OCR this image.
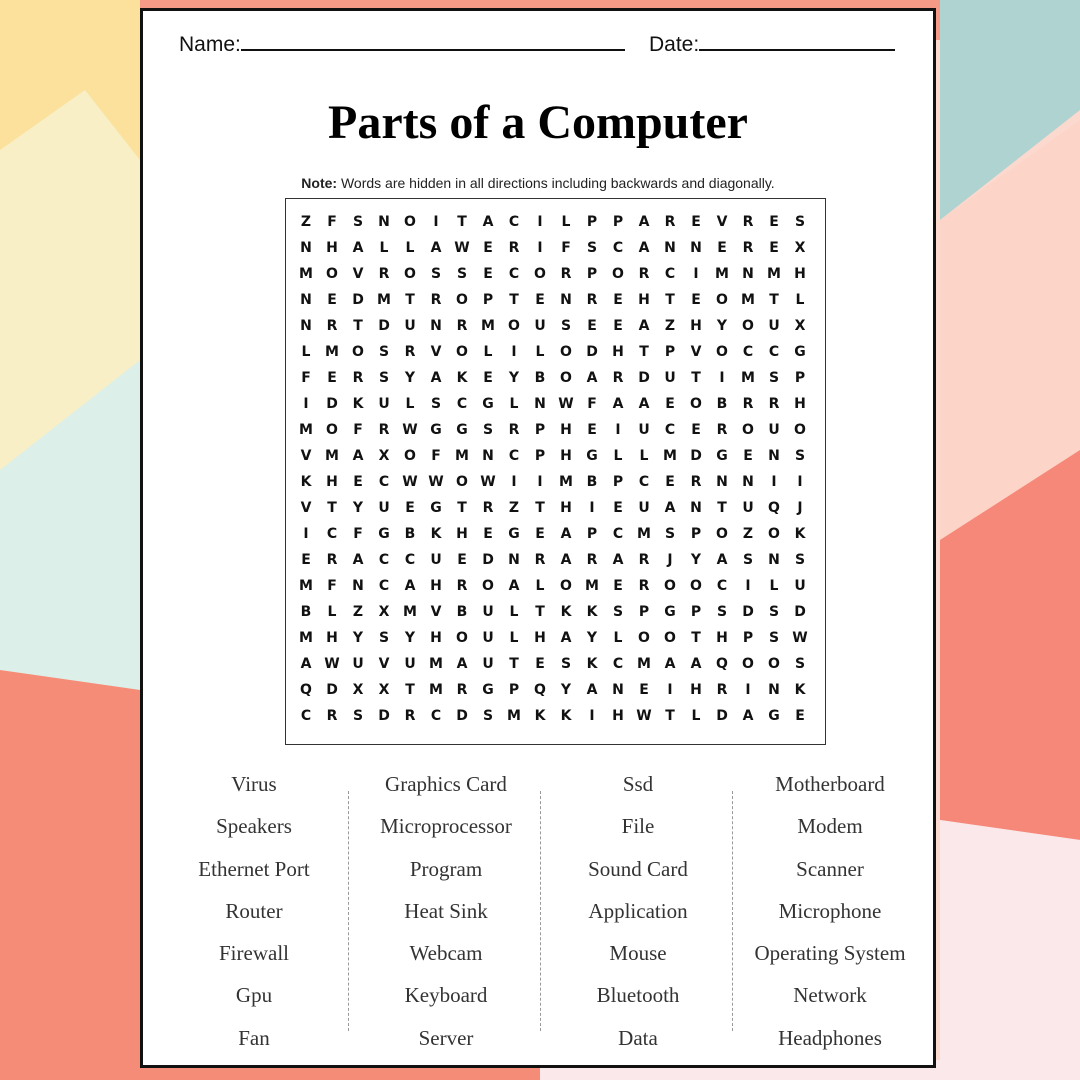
Name:	Date:
Parts of a Computer
Note: Words are hidden in all directions including backwards and diagonally.
Z	F	S	N	O	I	T	A	C	I	L	P	P	A	R	E	V	R	E	S
N	H	A	L	L	A W E	R	I	F	S	C	A	N	N	E	R	E	X
M O	V	R	O	S	S	E	C	O	R	P	O	R	C	I	M N M H
N	E	D M	T	R	O	P	T	E	N	R	E	H	T	E	O M	T	L
N	R	T	D	U	N	R M O	U	S	E	E	A	Z	H	Y	O	U	X
L	M O	S	R	V	O	L	I	L	O	D	H	T	P	V	O	C	C	G
F	E	R	S	Y	A	K	E	Y	B	O	A	R	D	U	T	I	M S	P
I	D	K	U	L	S	C	G	L	N W F	A	A	E	O	B	R	R	H
M O	F	R W G	G	S	R	P	H	E	I	U	C	E	R	O	U	O
V M A	X	O	F	M N	C	P	H	G	L	L	M D	G	E	N	S
K	H	E	C W W O W	I	I	M B	P	C	E	R	N	N	I	I
V	T	Y	U	E	G	T	R	Z	T	H	I	E	U	A	N	T	U	Q	J
I	C	F	G	B	K	H	E	G	E	A	P	C M S	P	O	Z	O	K
E	R	A	C	C	U	E	D	N	R	A	R	A	R	J	Y	A	S	N	S
M	F	N	C	A	H	R	O	A	L	O M	E	R	O	O	C	I	L	U
B	L	Z	X M V	B	U	L	T	K	K	S	P	G	P	S	D	S	D
M H	Y	S	Y	H	O	U	L	H	A	Y	L	O	O	T	H	P	S W
A W U	V	U M A	U	T	E	S	K	C M A	A	Q	O	O	S
Q	D	X	X	T	M R	G	P	Q	Y	A	N	E	I	H	R	I	N	K
C	R	S	D	R	C	D	S M K	K	I	H W T	L	D	A	G	E
Virus
Speakers
Ethernet Port
Router
Firewall
Gpu
Fan
Graphics Card
Microprocessor
Program
Heat Sink
Webcam
Keyboard
Server
Ssd
File
Sound Card
Application
Mouse
Bluetooth
Data
Motherboard
Modem
Scanner
Microphone
Operating System
Network
Headphones
